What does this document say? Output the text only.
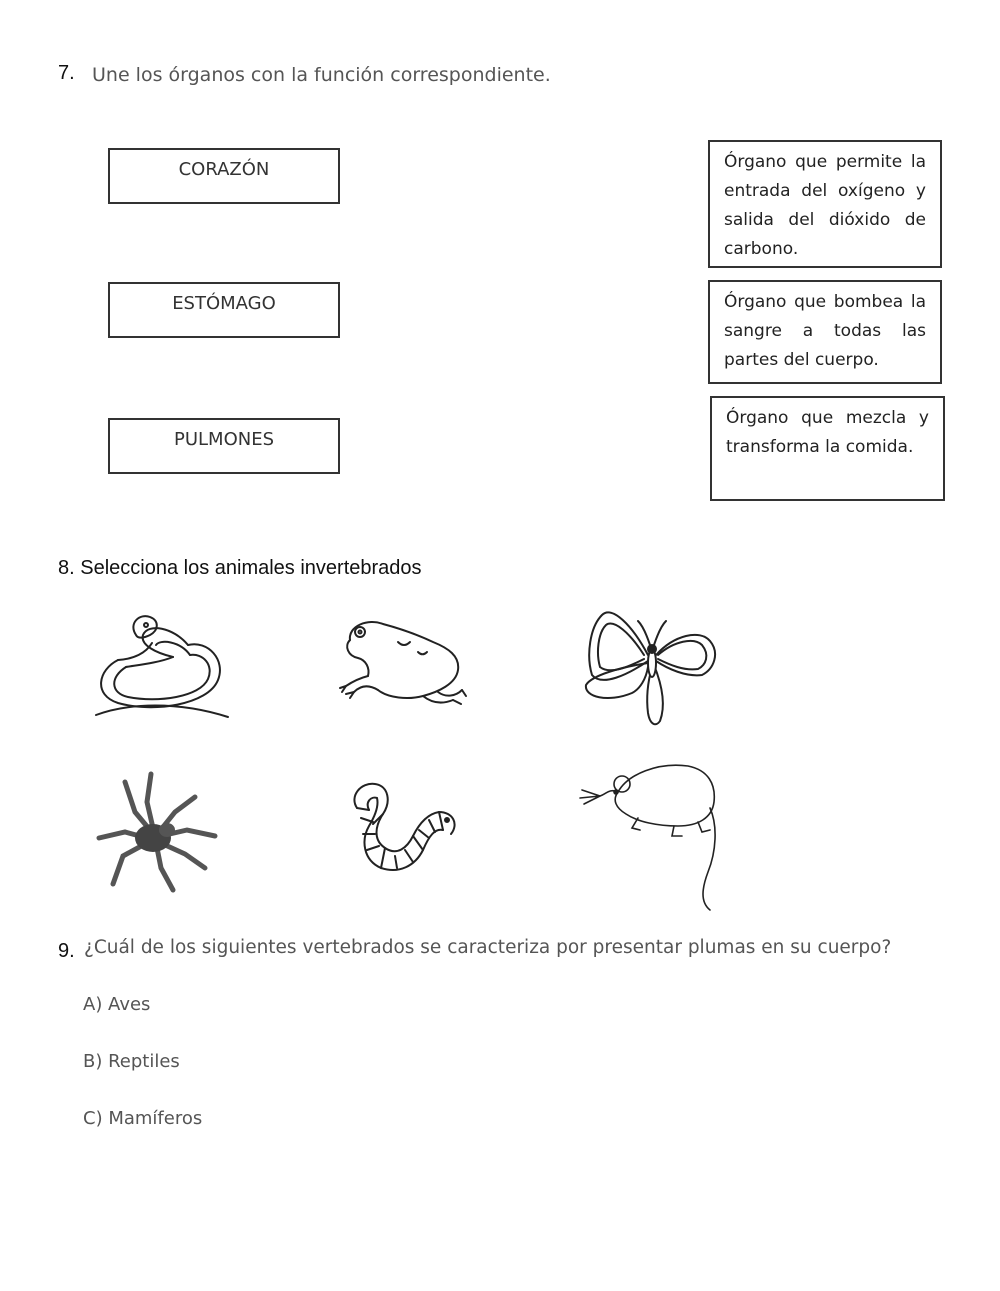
7. Une los órganos con la función correspondiente.
CORAZÓN
ESTÓMAGO
PULMONES
Órgano que permite la entrada del oxígeno y salida del dióxido de carbono.
Órgano que bombea la sangre a todas las partes del cuerpo.
Órgano que mezcla y transforma la comida.
8. Selecciona los animales invertebrados
9. ¿Cuál de los siguientes vertebrados se caracteriza por presentar plumas en su cuerpo?
A) Aves
B) Reptiles
C) Mamíferos
